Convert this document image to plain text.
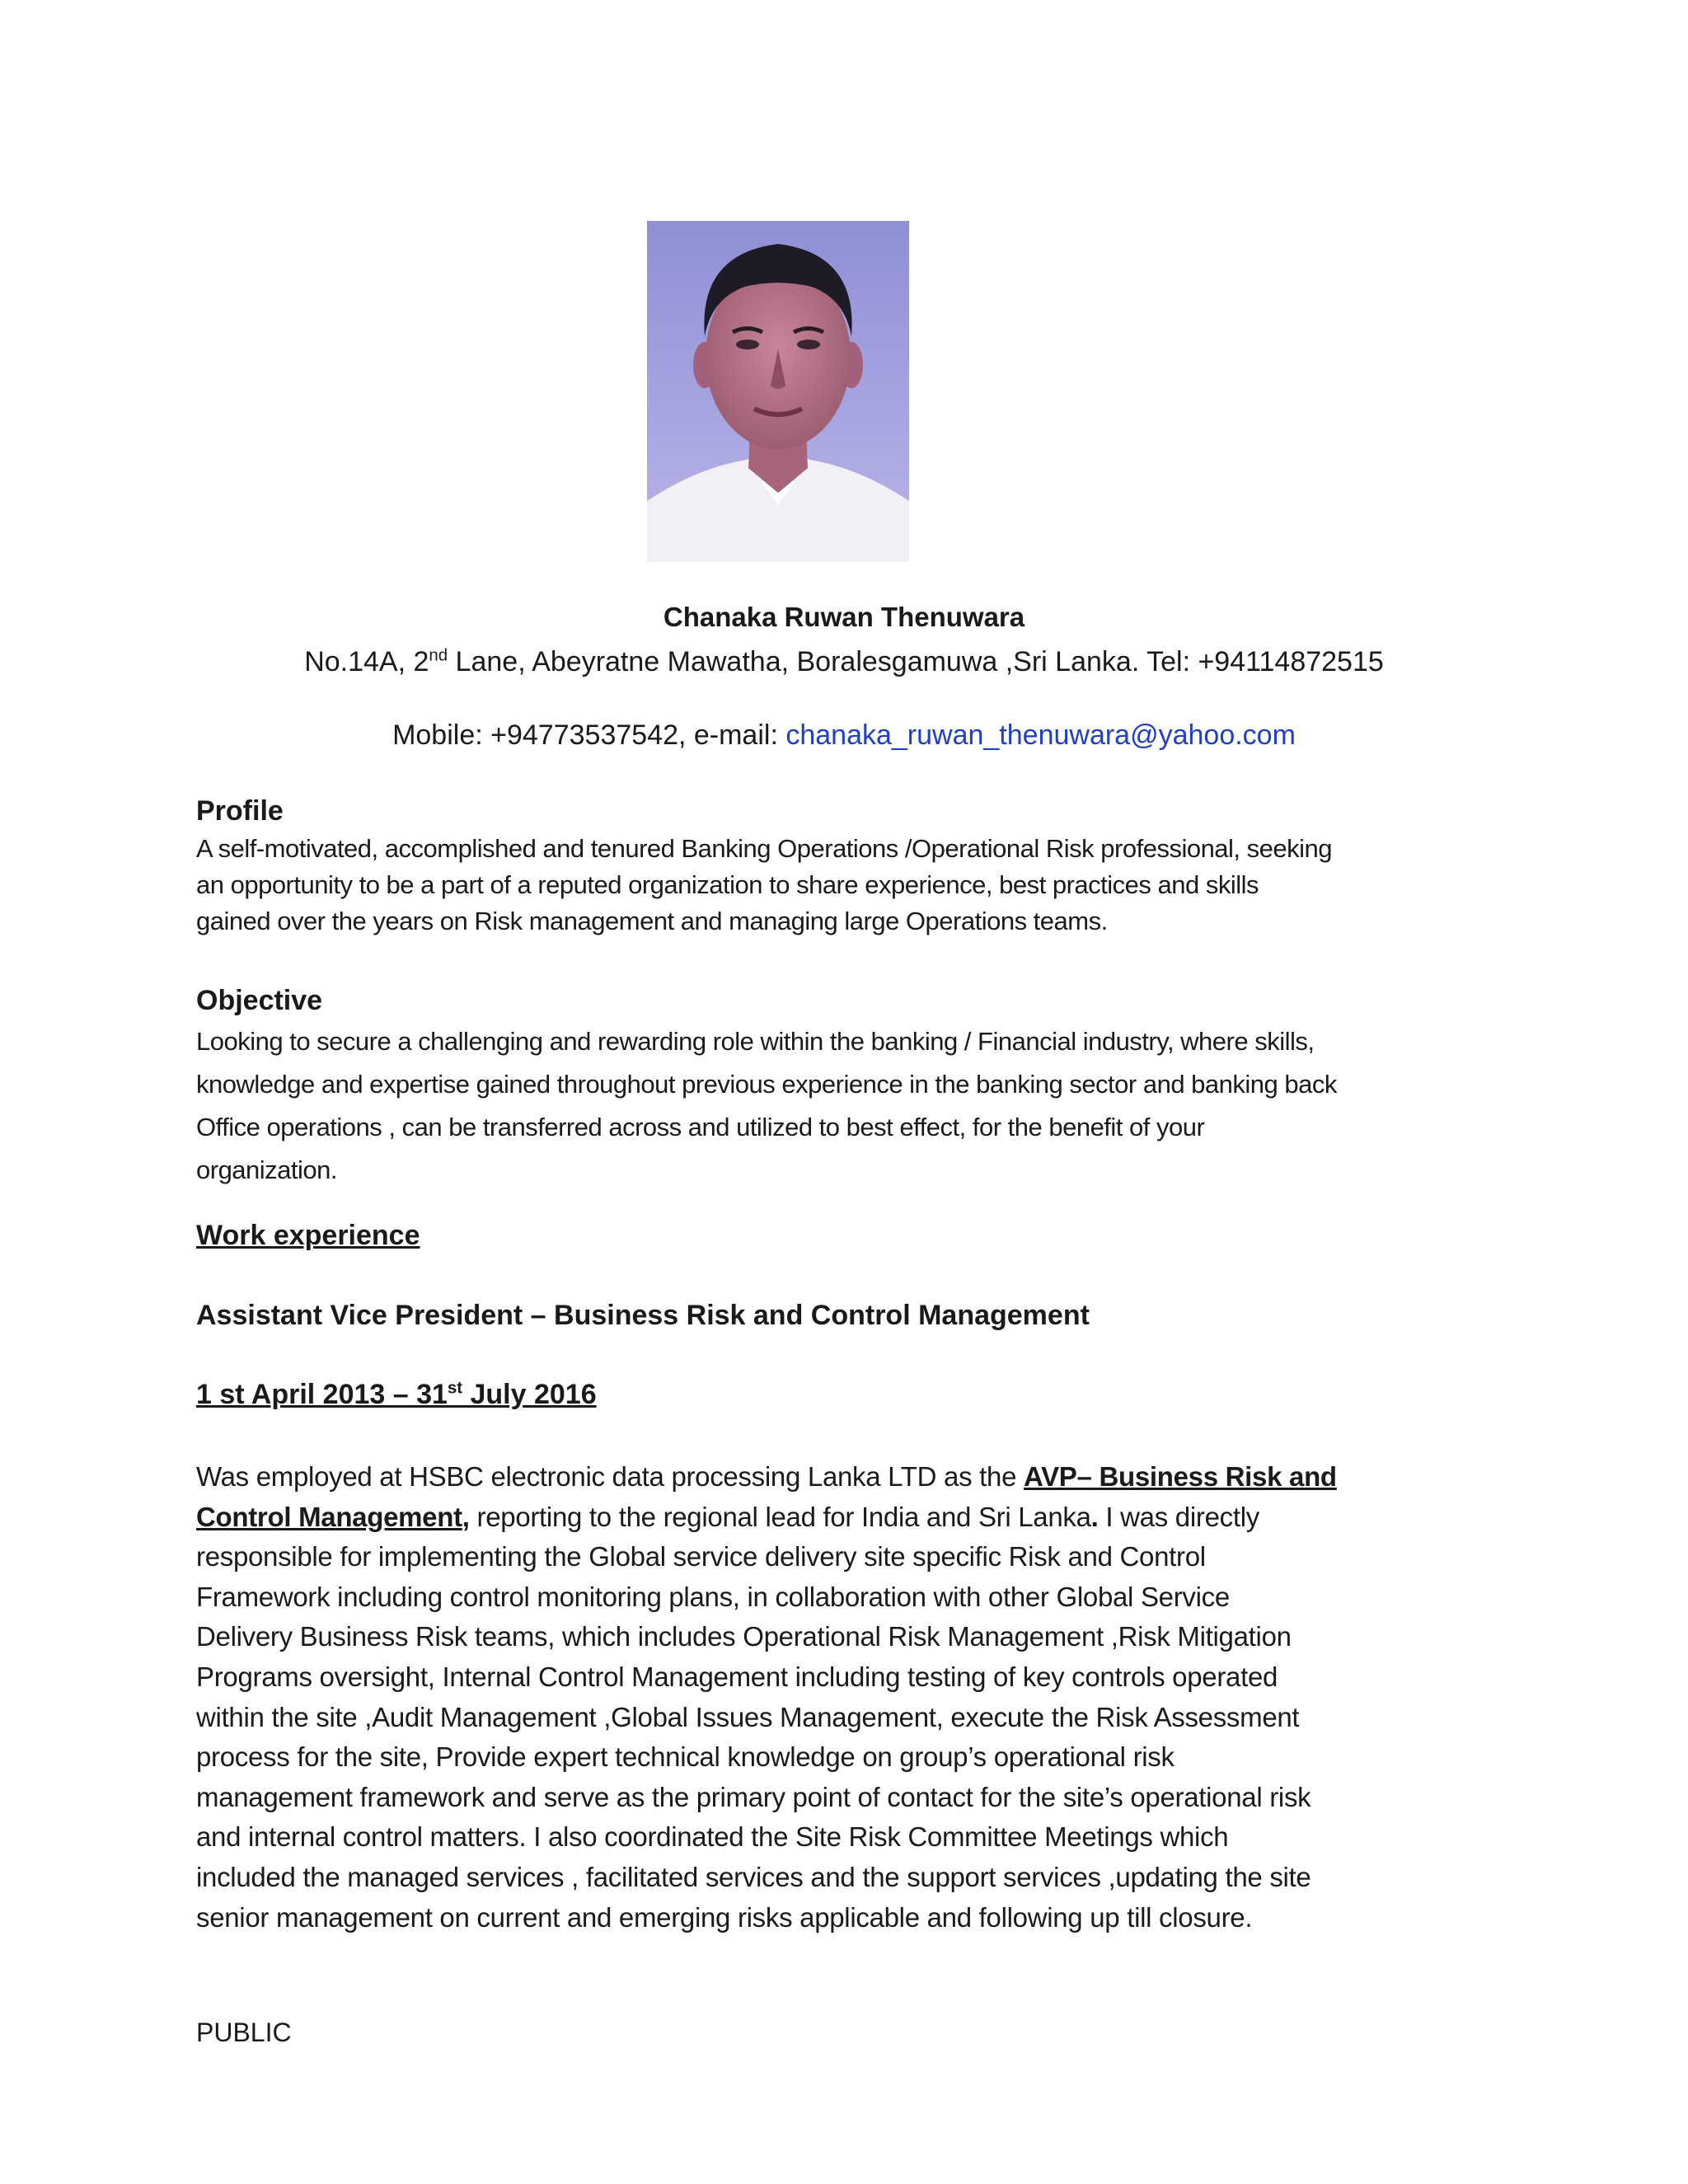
Chanaka Ruwan Thenuwara
No.14A, 2nd Lane, Abeyratne Mawatha, Boralesgamuwa ,Sri Lanka. Tel: +94114872515
Mobile: +94773537542, e-mail: chanaka_ruwan_thenuwara@yahoo.com
Profile
A self-motivated, accomplished and tenured Banking Operations /Operational Risk professional, seeking
an opportunity to be a part of a reputed organization to share experience, best practices and skills
gained over the years on Risk management and managing large Operations teams.
Objective
Looking to secure a challenging and rewarding role within the banking / Financial industry, where skills,
knowledge and expertise gained throughout previous experience in the banking sector and banking back
Office operations , can be transferred across and utilized to best effect, for the benefit of your
organization.
Work experience
Assistant Vice President – Business Risk and Control Management
1 st April 2013 – 31st July 2016
Was employed at HSBC electronic data processing Lanka LTD as the AVP– Business Risk and
Control Management, reporting to the regional lead for India and Sri Lanka. I was directly
responsible for implementing the Global service delivery site specific Risk and Control
Framework including control monitoring plans, in collaboration with other Global Service
Delivery Business Risk teams, which includes Operational Risk Management ,Risk Mitigation
Programs oversight, Internal Control Management including testing of key controls operated
within the site ,Audit Management ,Global Issues Management, execute the Risk Assessment
process for the site, Provide expert technical knowledge on group’s operational risk
management framework and serve as the primary point of contact for the site’s operational risk
and internal control matters. I also coordinated the Site Risk Committee Meetings which
included the managed services , facilitated services and the support services ,updating the site
senior management on current and emerging risks applicable and following up till closure.
PUBLIC
